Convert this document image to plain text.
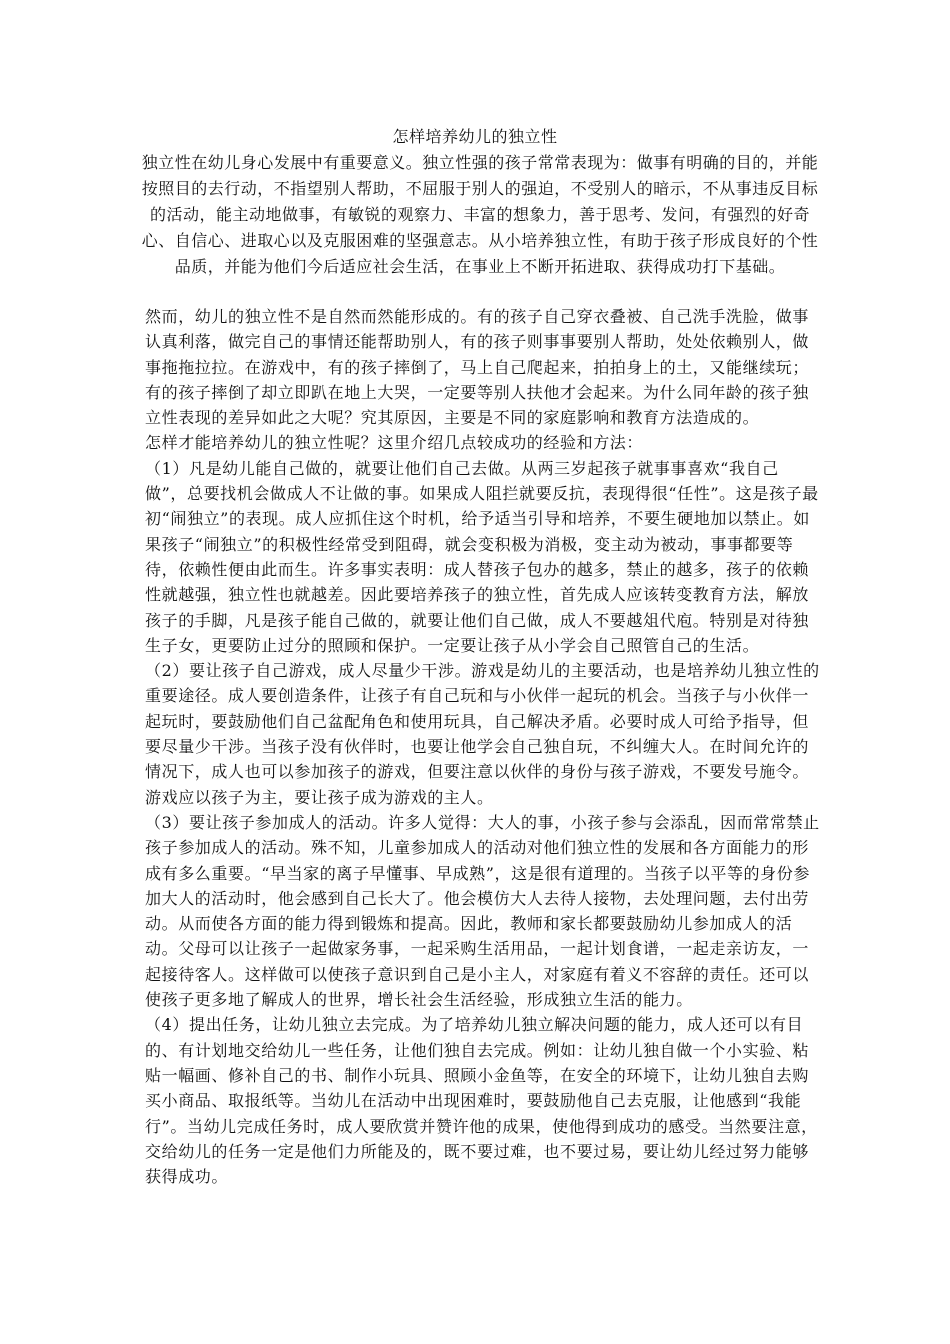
怎样培养幼儿的独立性
独立性在幼儿身心发展中有重要意义。独立性强的孩子常常表现为：做事有明确的目的，并能按照目的去行动，不指望别人帮助，不屈服于别人的强迫，不受别人的暗示，不从事违反目标的活动，能主动地做事，有敏锐的观察力、丰富的想象力，善于思考、发问，有强烈的好奇心、自信心、进取心以及克服困难的坚强意志。从小培养独立性，有助于孩子形成良好的个性品质，并能为他们今后适应社会生活，在事业上不断开拓进取、获得成功打下基础。

然而，幼儿的独立性不是自然而然能形成的。有的孩子自己穿衣叠被、自己洗手洗脸，做事认真利落，做完自己的事情还能帮助别人，有的孩子则事事要别人帮助，处处依赖别人，做事拖拖拉拉。在游戏中，有的孩子摔倒了，马上自己爬起来，拍拍身上的土，又能继续玩；有的孩子摔倒了却立即趴在地上大哭，一定要等别人扶他才会起来。为什么同年龄的孩子独立性表现的差异如此之大呢？究其原因，主要是不同的家庭影响和教育方法造成的。

怎样才能培养幼儿的独立性呢？这里介绍几点较成功的经验和方法：

（1）凡是幼儿能自己做的，就要让他们自己去做。从两三岁起孩子就事事喜欢“我自己做”，总要找机会做成人不让做的事。如果成人阻拦就要反抗，表现得很“任性”。这是孩子最初“闹独立”的表现。成人应抓住这个时机，给予适当引导和培养，不要生硬地加以禁止。如果孩子“闹独立”的积极性经常受到阻碍，就会变积极为消极，变主动为被动，事事都要等待，依赖性便由此而生。许多事实表明：成人替孩子包办的越多，禁止的越多，孩子的依赖性就越强，独立性也就越差。因此要培养孩子的独立性，首先成人应该转变教育方法，解放孩子的手脚，凡是孩子能自己做的，就要让他们自己做，成人不要越俎代庖。特别是对待独生子女，更要防止过分的照顾和保护。一定要让孩子从小学会自己照管自己的生活。

（2）要让孩子自己游戏，成人尽量少干涉。游戏是幼儿的主要活动，也是培养幼儿独立性的重要途径。成人要创造条件，让孩子有自己玩和与小伙伴一起玩的机会。当孩子与小伙伴一起玩时，要鼓励他们自己盆配角色和使用玩具，自己解决矛盾。必要时成人可给予指导，但要尽量少干涉。当孩子没有伙伴时，也要让他学会自己独自玩，不纠缠大人。在时间允许的情况下，成人也可以参加孩子的游戏，但要注意以伙伴的身份与孩子游戏，不要发号施令。游戏应以孩子为主，要让孩子成为游戏的主人。

（3）要让孩子参加成人的活动。许多人觉得：大人的事，小孩子参与会添乱，因而常常禁止孩子参加成人的活动。殊不知，儿童参加成人的活动对他们独立性的发展和各方面能力的形成有多么重要。“早当家的离子早懂事、早成熟”，这是很有道理的。当孩子以平等的身份参加大人的活动时，他会感到自己长大了。他会模仿大人去待人接物，去处理问题，去付出劳动。从而使各方面的能力得到锻炼和提高。因此，教师和家长都要鼓励幼儿参加成人的活动。父母可以让孩子一起做家务事，一起采购生活用品，一起计划食谱，一起走亲访友，一起接待客人。这样做可以使孩子意识到自己是小主人，对家庭有着义不容辞的责任。还可以使孩子更多地了解成人的世界，增长社会生活经验，形成独立生活的能力。

（4）提出任务，让幼儿独立去完成。为了培养幼儿独立解决问题的能力，成人还可以有目的、有计划地交给幼儿一些任务，让他们独自去完成。例如：让幼儿独自做一个小实验、粘贴一幅画、修补自己的书、制作小玩具、照顾小金鱼等，在安全的环境下，让幼儿独自去购买小商品、取报纸等。当幼儿在活动中出现困难时，要鼓励他自己去克服，让他感到“我能行”。当幼儿完成任务时，成人要欣赏并赞许他的成果，使他得到成功的感受。当然要注意，交给幼儿的任务一定是他们力所能及的，既不要过难，也不要过易，要让幼儿经过努力能够获得成功。
